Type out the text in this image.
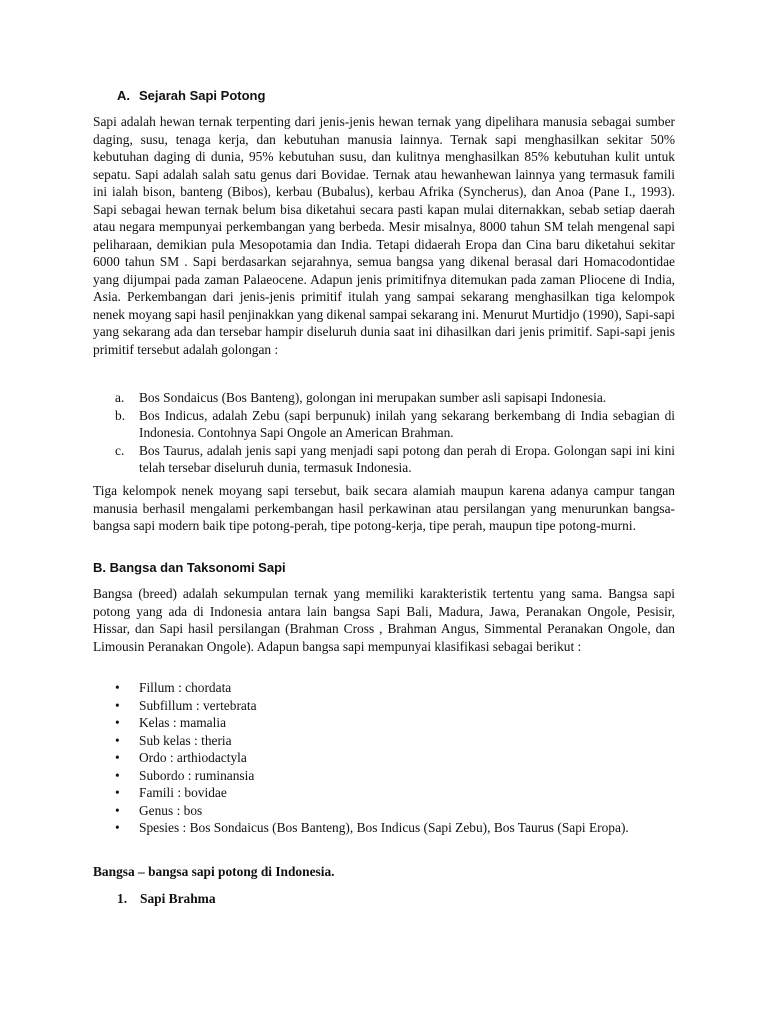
A. Sejarah Sapi Potong

Sapi adalah hewan ternak terpenting dari jenis-jenis hewan ternak yang dipelihara manusia sebagai sumber daging, susu, tenaga kerja, dan kebutuhan manusia lainnya. Ternak sapi menghasilkan sekitar 50% kebutuhan daging di dunia, 95% kebutuhan susu, dan kulitnya menghasilkan 85% kebutuhan kulit untuk sepatu. Sapi adalah salah satu genus dari Bovidae. Ternak atau hewanhewan lainnya yang termasuk famili ini ialah bison, banteng (Bibos), kerbau (Bubalus), kerbau Afrika (Syncherus), dan Anoa (Pane I., 1993). Sapi sebagai hewan ternak belum bisa diketahui secara pasti kapan mulai diternakkan, sebab setiap daerah atau negara mempunyai perkembangan yang berbeda. Mesir misalnya, 8000 tahun SM telah mengenal sapi peliharaan, demikian pula Mesopotamia dan India. Tetapi didaerah Eropa dan Cina baru diketahui sekitar 6000 tahun SM . Sapi berdasarkan sejarahnya, semua bangsa yang dikenal berasal dari Homacodontidae yang dijumpai pada zaman Palaeocene. Adapun jenis primitifnya ditemukan pada zaman Pliocene di India, Asia. Perkembangan dari jenis-jenis primitif itulah yang sampai sekarang menghasilkan tiga kelompok nenek moyang sapi hasil penjinakkan yang dikenal sampai sekarang ini. Menurut Murtidjo (1990), Sapi-sapi yang sekarang ada dan tersebar hampir diseluruh dunia saat ini dihasilkan dari jenis primitif. Sapi-sapi jenis primitif tersebut adalah golongan :

a. Bos Sondaicus (Bos Banteng), golongan ini merupakan sumber asli sapisapi Indonesia.
b. Bos Indicus, adalah Zebu (sapi berpunuk) inilah yang sekarang berkembang di India sebagian di Indonesia. Contohnya Sapi Ongole an American Brahman.
c. Bos Taurus, adalah jenis sapi yang menjadi sapi potong dan perah di Eropa. Golongan sapi ini kini telah tersebar diseluruh dunia, termasuk Indonesia.

Tiga kelompok nenek moyang sapi tersebut, baik secara alamiah maupun karena adanya campur tangan manusia berhasil mengalami perkembangan hasil perkawinan atau persilangan yang menurunkan bangsa-bangsa sapi modern baik tipe potong-perah, tipe potong-kerja, tipe perah, maupun tipe potong-murni.

B. Bangsa dan Taksonomi Sapi

Bangsa (breed) adalah sekumpulan ternak yang memiliki karakteristik tertentu yang sama. Bangsa sapi potong yang ada di Indonesia antara lain bangsa Sapi Bali, Madura, Jawa, Peranakan Ongole, Pesisir, Hissar, dan Sapi hasil persilangan (Brahman Cross , Brahman Angus, Simmental Peranakan Ongole, dan Limousin Peranakan Ongole). Adapun bangsa sapi mempunyai klasifikasi sebagai berikut :

• Fillum : chordata
• Subfillum : vertebrata
• Kelas : mamalia
• Sub kelas : theria
• Ordo : arthiodactyla
• Subordo : ruminansia
• Famili : bovidae
• Genus : bos
• Spesies : Bos Sondaicus (Bos Banteng), Bos Indicus (Sapi Zebu), Bos Taurus (Sapi Eropa).
Bangsa – bangsa sapi potong di Indonesia.
1. Sapi Brahma
